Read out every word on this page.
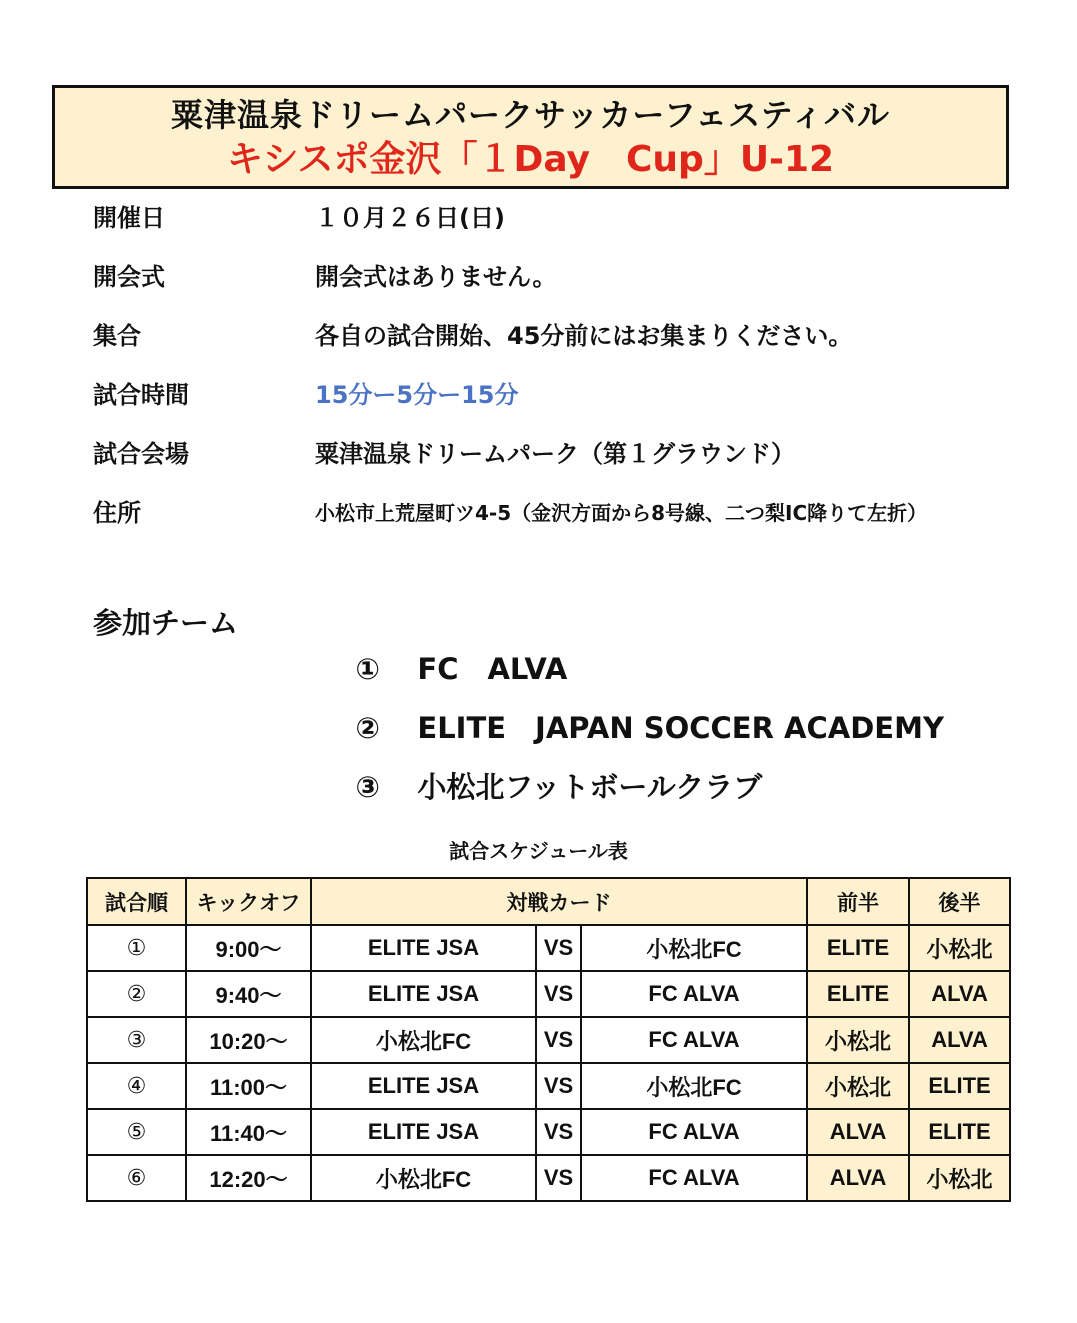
粟津温泉ドリームパークサッカーフェスティバル
キシスポ金沢「１Day　Cup」U-12
開催日	１０月２６日(日)
開会式	開会式はありません。
集合	各自の試合開始、45分前にはお集まりください。
試合時間	15分ー5分ー15分
試合会場	粟津温泉ドリームパーク（第１グラウンド）
住所	小松市上荒屋町ツ4-5（金沢方面から8号線、二つ梨IC降りて左折）
参加チーム

① FC　ALVA

② ELITE　JAPAN SOCCER ACADEMY

③ 小松北フットボールクラブ

試合スケジュール表
試合順	キックオフ	対戦カード			前半	後半
①	9:00～	ELITE JSA	VS	小松北FC	ELITE	小松北
②	9:40～	ELITE JSA	VS	FC ALVA	ELITE	ALVA
③	10:20～	小松北FC	VS	FC ALVA	小松北	ALVA
④	11:00～	ELITE JSA	VS	小松北FC	小松北	ELITE
⑤	11:40～	ELITE JSA	VS	FC ALVA	ALVA	ELITE
⑥	12:20～	小松北FC	VS	FC ALVA	ALVA	小松北
